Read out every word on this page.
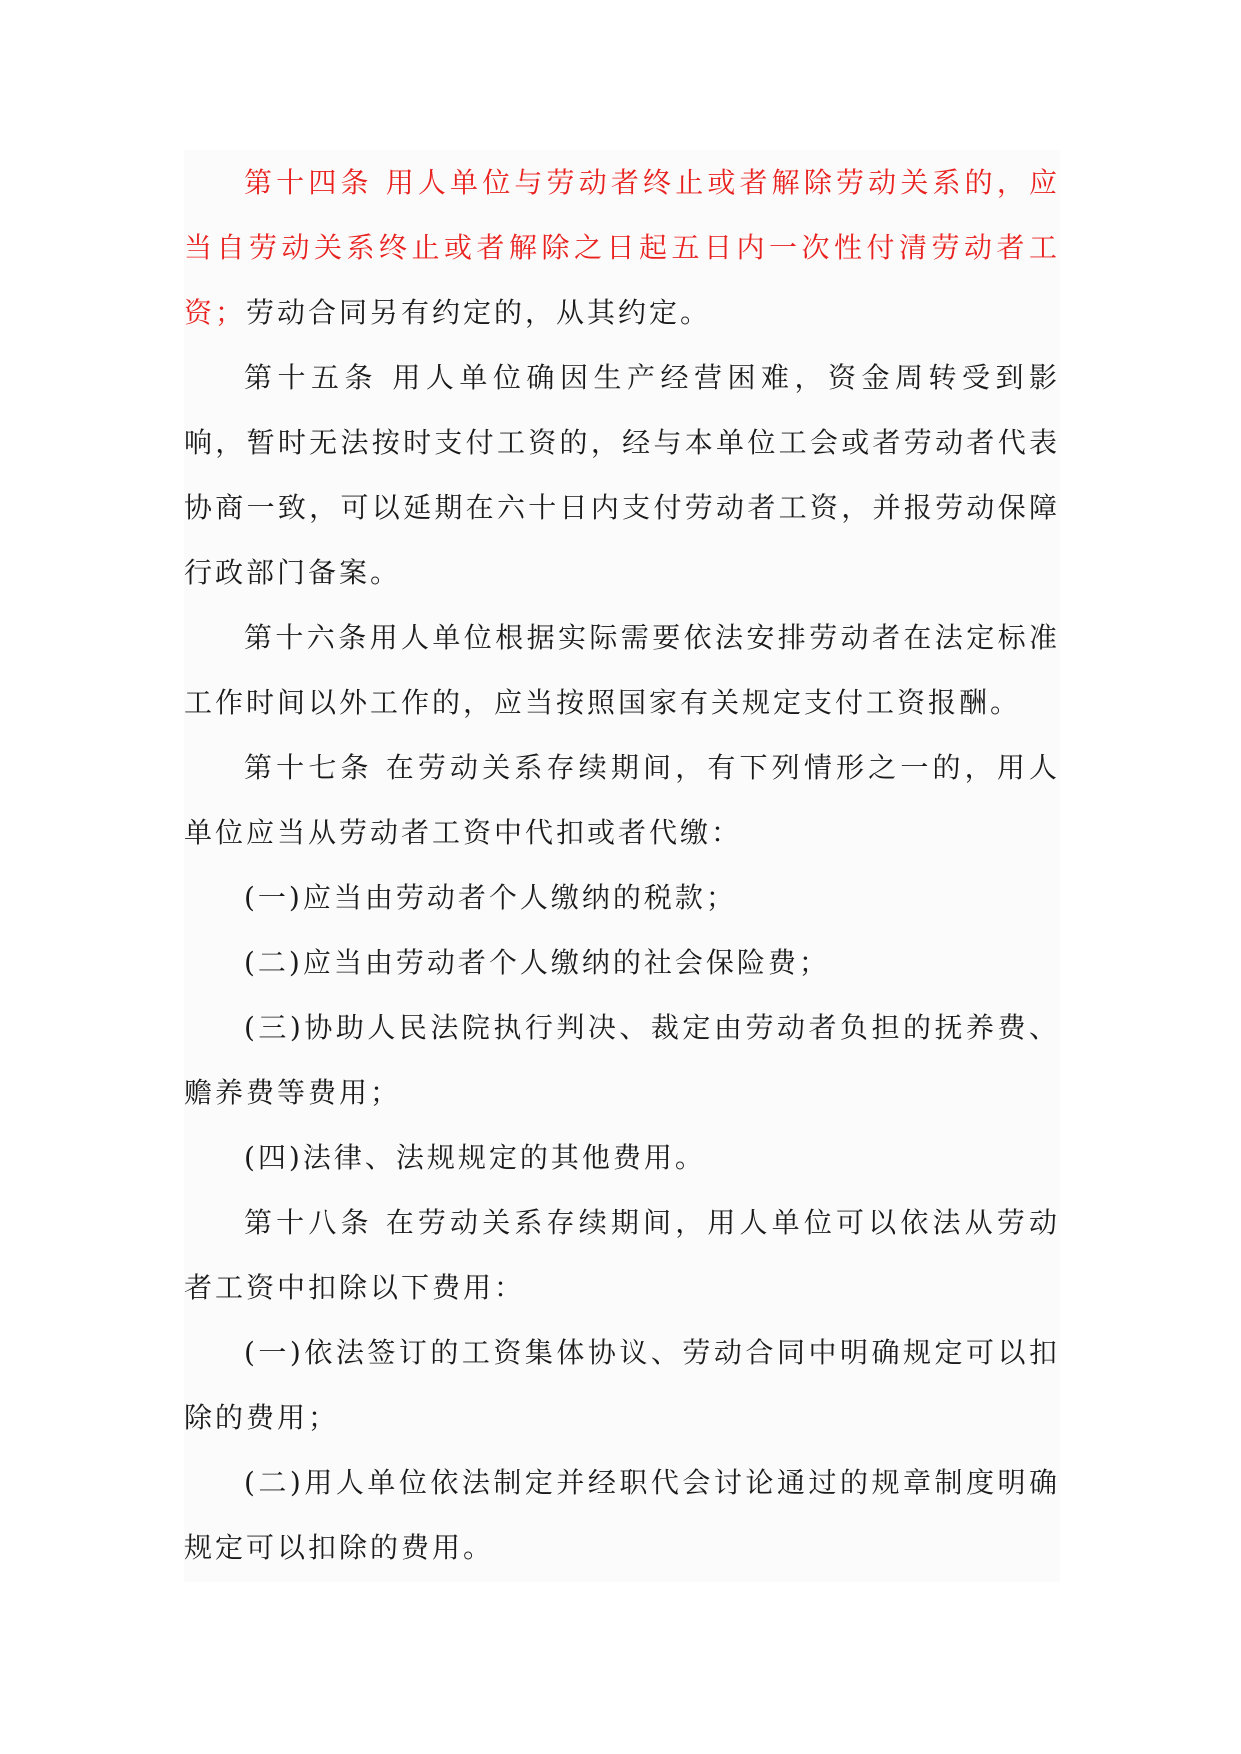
第十四条 用人单位与劳动者终止或者解除劳动关系的，应当自劳动关系终止或者解除之日起五日内一次性付清劳动者工资；劳动合同另有约定的，从其约定。

第十五条 用人单位确因生产经营困难，资金周转受到影响，暂时无法按时支付工资的，经与本单位工会或者劳动者代表协商一致，可以延期在六十日内支付劳动者工资，并报劳动保障行政部门备案。

第十六条用人单位根据实际需要依法安排劳动者在法定标准工作时间以外工作的，应当按照国家有关规定支付工资报酬。

第十七条 在劳动关系存续期间，有下列情形之一的，用人单位应当从劳动者工资中代扣或者代缴：

(一)应当由劳动者个人缴纳的税款；

(二)应当由劳动者个人缴纳的社会保险费；

(三)协助人民法院执行判决、裁定由劳动者负担的抚养费、赡养费等费用；

(四)法律、法规规定的其他费用。

第十八条 在劳动关系存续期间，用人单位可以依法从劳动者工资中扣除以下费用：

(一)依法签订的工资集体协议、劳动合同中明确规定可以扣除的费用；

(二)用人单位依法制定并经职代会讨论通过的规章制度明确规定可以扣除的费用。
